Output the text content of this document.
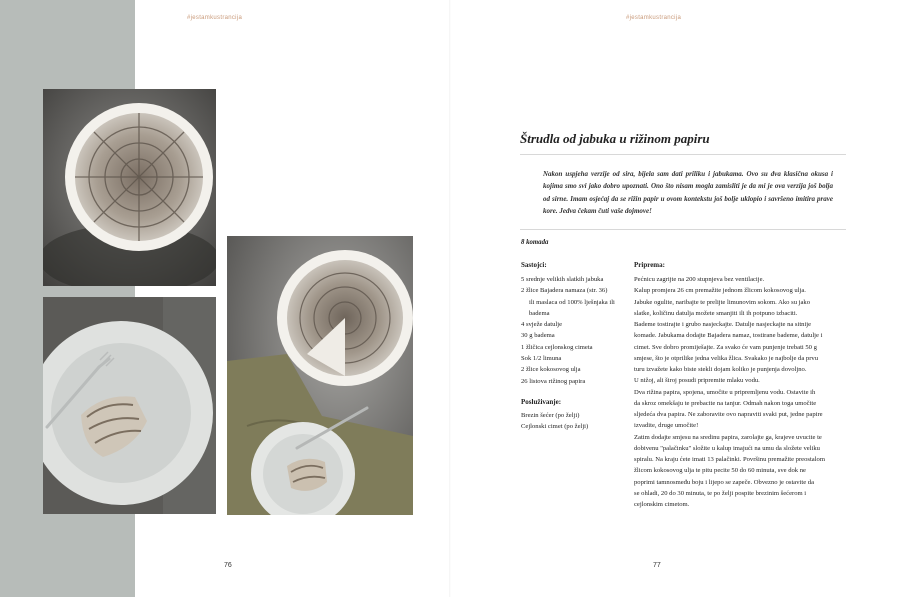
#jestamkustrancija	#jestamkustrancija
76	77
Štrudla od jabuka u rižinom papiru
Nakon uspjeha verzije od sira, bijela sam dati priliku i jabukama. Ovo su dva klasična okusa i kojima smo svi jako dobro upoznati. Ono što nisam mogla zamisliti je da mi je ova verzija još bolja od sirne. Imam osjećaj da se rižin papir u ovom kontekstu još bolje uklopio i savršeno imitira prave kore. Jedva čekam čuti vaše dojmove!
8 komada
Sastojci:
5 srednje velikih slatkih jabuka
2 žlice Bajadera namaza (str. 36)
ili maslaca od 100% lješnjaka ili
badema
4 svježe datulje
30 g badema
1 žličica cejlonskog cimeta
Sok 1/2 limuna
2 žlice kokosovog ulja
26 listova rižinog papira
Posluživanje:
Brezin šećer (po želji)
Cejlonski cimet (po želji)
Priprema:

Pećnicu zagrijte na 200 stupnjeva bez ventilacije.

Kalup promjera 26 cm premažite jednom žlicom kokosovog ulja.

Jabuke ogulite, naribajte te prelijte limunovim sokom. Ako su jako

slatke, količinu datulja možete smanjiti ili ih potpuno izbaciti.

Bademe tostirajte i grubo nasjeckajte. Datulje nasjeckajte na sitnije

komade. Jabukama dodajte Bajadera namaz, tostirane bademe, datulje i

cimet. Sve dobro promiješajte. Za svako će vam punjenje trebati 50 g

smjese, što je otprilike jedna velika žlica. Svakako je najbolje da prvu

turu izvažete kako biste stekli dojam koliko je punjenja dovoljno.

U nižoj, ali široj posudi pripremite mlaku vodu.

Dva rižina papira, spojena, umočite u pripremljenu vodu. Ostavite ih

da skroz omekšaju te prebacite na tanjur. Odmah nakon toga umočite

sljedeća dva papira. Ne zaboravite ovo napraviti svaki put, jedne papire

izvadite, druge umočite!

Zatim dodajte smjesu na sredinu papira, zarolajte ga, krajeve uvucite te

dobivenu "palačinku" složite u kalup imajući na umu da složete veliku

spiralu. Na kraju ćete imati 13 palačinki. Površinu premažite preostalom

žlicom kokosovog ulja te pitu pecite 50 do 60 minuta, sve dok ne

poprimi tamnosmeđu boju i lijepo se zapeče. Obvezno je ostavite da

se ohladi, 20 do 30 minuta, te po želji pospite brezinim šećerom i

cejlonskim cimetom.
